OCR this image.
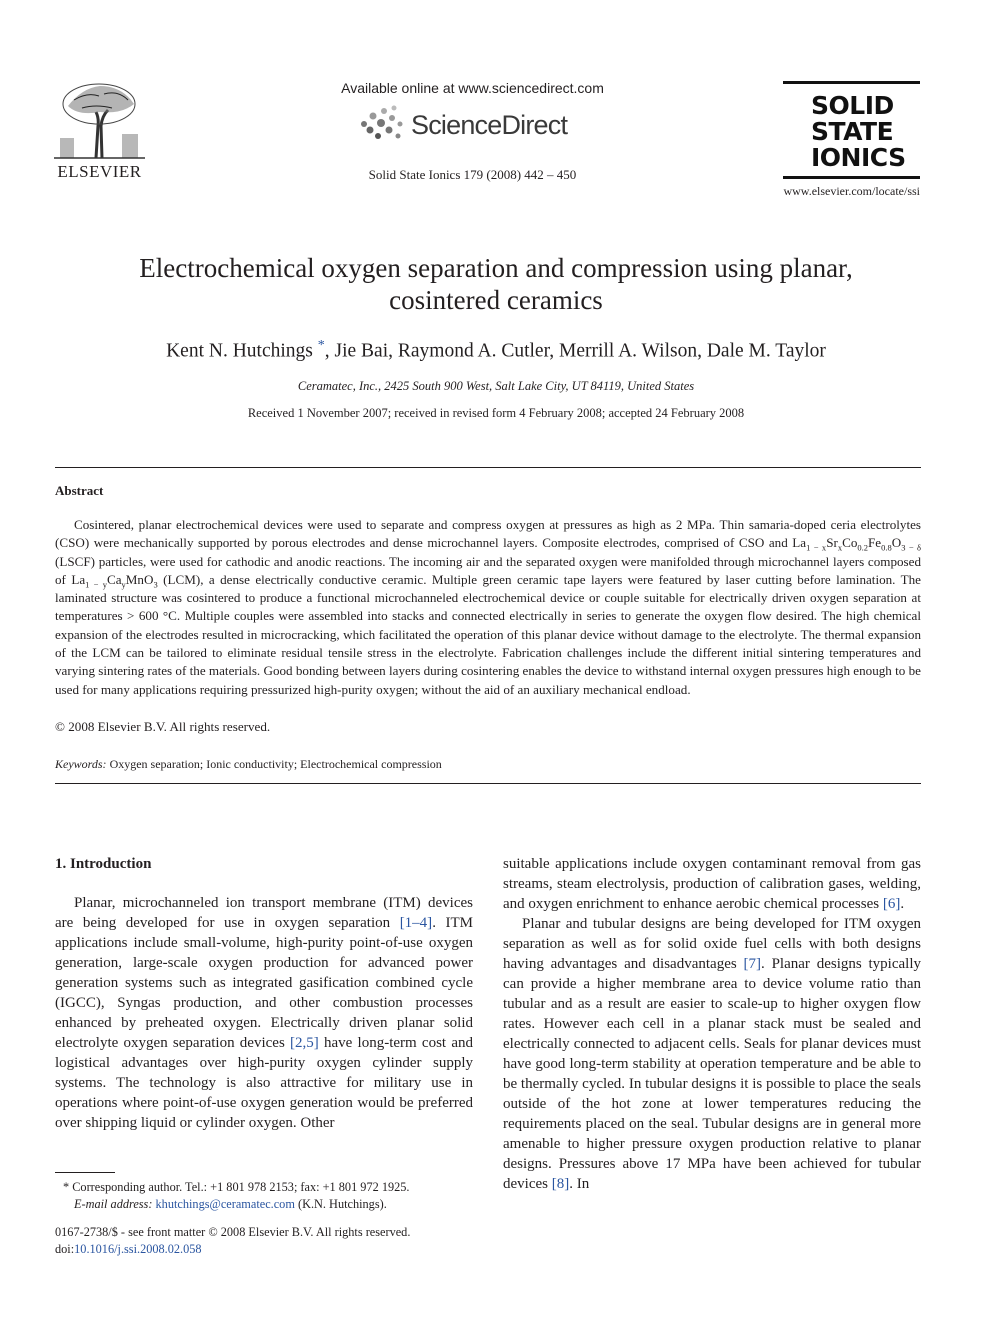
ELSEVIER
Available online at www.sciencedirect.com
ScienceDirect
Solid State Ionics 179 (2008) 442 – 450
SOLID
STATE
IONICS
www.elsevier.com/locate/ssi
Electrochemical oxygen separation and compression using planar,
cosintered ceramics
Kent N. Hutchings *, Jie Bai, Raymond A. Cutler, Merrill A. Wilson, Dale M. Taylor
Ceramatec, Inc., 2425 South 900 West, Salt Lake City, UT 84119, United States
Received 1 November 2007; received in revised form 4 February 2008; accepted 24 February 2008
Abstract

Cosintered, planar electrochemical devices were used to separate and compress oxygen at pressures as high as 2 MPa. Thin samaria-doped ceria electrolytes (CSO) were mechanically supported by porous electrodes and dense microchannel layers. Composite electrodes, comprised of CSO and $La_{1 - x}Sr_xCo_{0.2}Fe_{0.8}O_{3 - \delta}$ (LSCF) particles, were used for cathodic and anodic reactions. The incoming air and the separated oxygen were manifolded through microchannel layers composed of $La_{1 - y}Ca_yMnO_3$ (LCM), a dense electrically conductive ceramic. Multiple green ceramic tape layers were featured by laser cutting before lamination. The laminated structure was cosintered to produce a functional microchanneled electrochemical device or couple suitable for electrically driven oxygen separation at temperatures > 600 °C. Multiple couples were assembled into stacks and connected electrically in series to generate the oxygen flow desired. The high chemical expansion of the electrodes resulted in microcracking, which facilitated the operation of this planar device without damage to the electrolyte. The thermal expansion of the LCM can be tailored to eliminate residual tensile stress in the electrolyte. Fabrication challenges include the different initial sintering temperatures and varying sintering rates of the materials. Good bonding between layers during cosintering enables the device to withstand internal oxygen pressures high enough to be used for many applications requiring pressurized high-purity oxygen; without the aid of an auxiliary mechanical endload.

© 2008 Elsevier B.V. All rights reserved.
Keywords: Oxygen separation; Ionic conductivity; Electrochemical compression
1. Introduction

Planar, microchanneled ion transport membrane (ITM) devices are being developed for use in oxygen separation [1–4]. ITM applications include small-volume, high-purity point-of-use oxygen generation, large-scale oxygen production for advanced power generation systems such as integrated gasification combined cycle (IGCC), Syngas production, and other combustion processes enhanced by preheated oxygen. Electrically driven planar solid electrolyte oxygen separation devices [2,5] have long-term cost and logistical advantages over high-purity oxygen cylinder supply systems. The technology is also attractive for military use in operations where point-of-use oxygen generation would be preferred over shipping liquid or cylinder oxygen. Other

suitable applications include oxygen contaminant removal from gas streams, steam electrolysis, production of calibration gases, welding, and oxygen enrichment to enhance aerobic chemical processes [6].

Planar and tubular designs are being developed for ITM oxygen separation as well as for solid oxide fuel cells with both designs having advantages and disadvantages [7]. Planar designs typically can provide a higher membrane area to device volume ratio than tubular and as a result are easier to scale-up to higher oxygen flow rates. However each cell in a planar stack must be sealed and electrically connected to adjacent cells. Seals for planar devices must have good long-term stability at operation temperature and be able to be thermally cycled. In tubular designs it is possible to place the seals outside of the hot zone at lower temperatures reducing the requirements placed on the seal. Tubular designs are in general more amenable to higher pressure oxygen production relative to planar designs. Pressures above 17 MPa have been achieved for tubular devices [8]. In

* Corresponding author. Tel.: +1 801 978 2153; fax: +1 801 972 1925.
E-mail address: khutchings@ceramatec.com (K.N. Hutchings).
0167-2738/$ - see front matter © 2008 Elsevier B.V. All rights reserved.
doi:10.1016/j.ssi.2008.02.058
